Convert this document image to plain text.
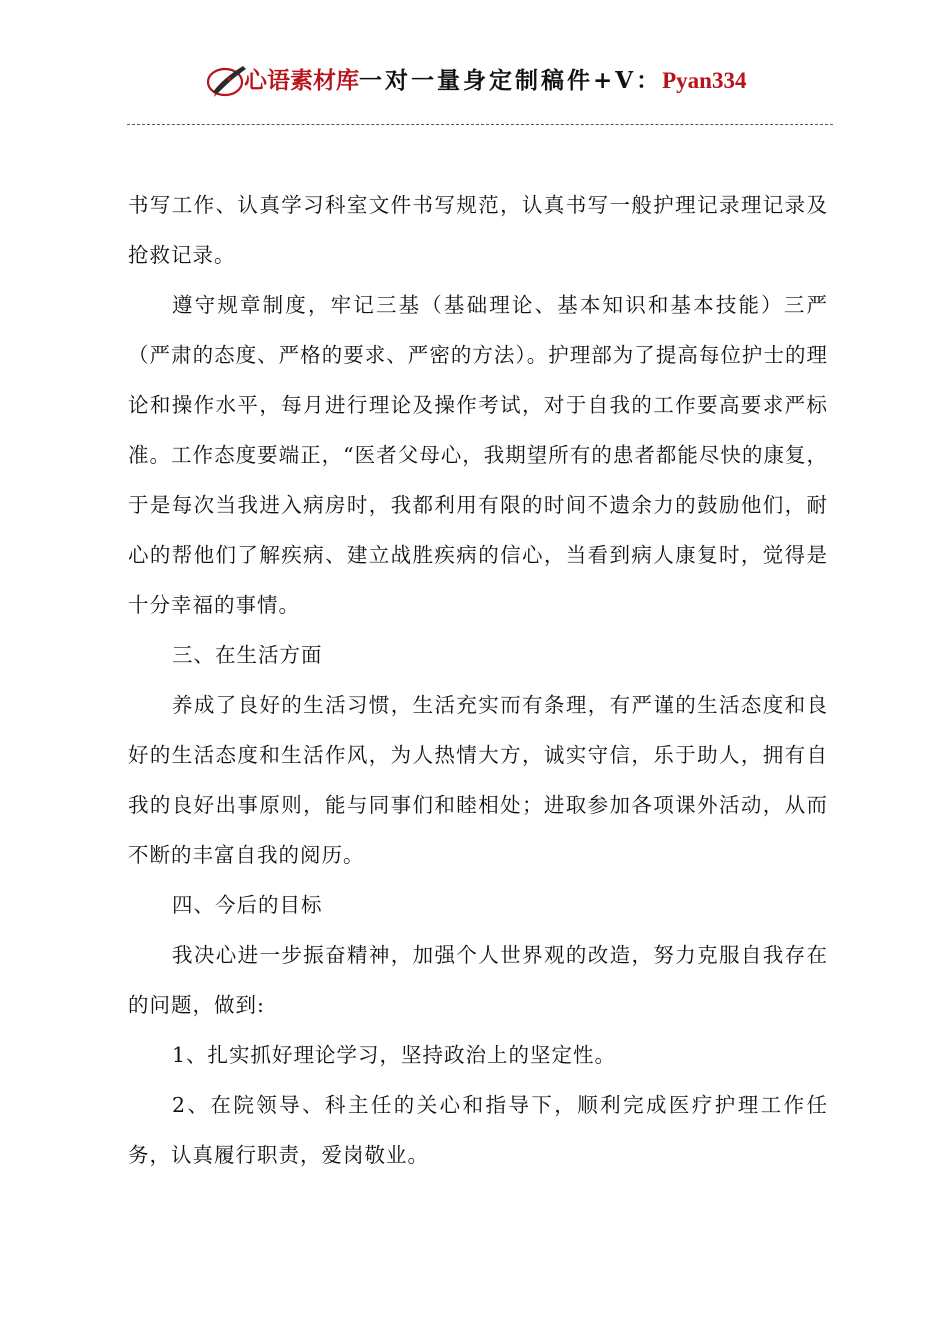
心语素材库一对一量身定制稿件+V：Pyan334

书写工作、认真学习科室文件书写规范，认真书写一般护理记录理记录及抢救记录。

遵守规章制度，牢记三基（基础理论、基本知识和基本技能）三严（严肃的态度、严格的要求、严密的方法）。护理部为了提高每位护士的理论和操作水平，每月进行理论及操作考试，对于自我的工作要高要求严标准。工作态度要端正，“医者父母心，我期望所有的患者都能尽快的康复，于是每次当我进入病房时，我都利用有限的时间不遗余力的鼓励他们，耐心的帮他们了解疾病、建立战胜疾病的信心，当看到病人康复时，觉得是十分幸福的事情。

三、在生活方面

养成了良好的生活习惯，生活充实而有条理，有严谨的生活态度和良好的生活态度和生活作风，为人热情大方，诚实守信，乐于助人，拥有自我的良好出事原则，能与同事们和睦相处；进取参加各项课外活动，从而不断的丰富自我的阅历。

四、今后的目标

我决心进一步振奋精神，加强个人世界观的改造，努力克服自我存在的问题，做到:

1、扎实抓好理论学习，坚持政治上的坚定性。

2、在院领导、科主任的关心和指导下，顺利完成医疗护理工作任务，认真履行职责，爱岗敬业。
